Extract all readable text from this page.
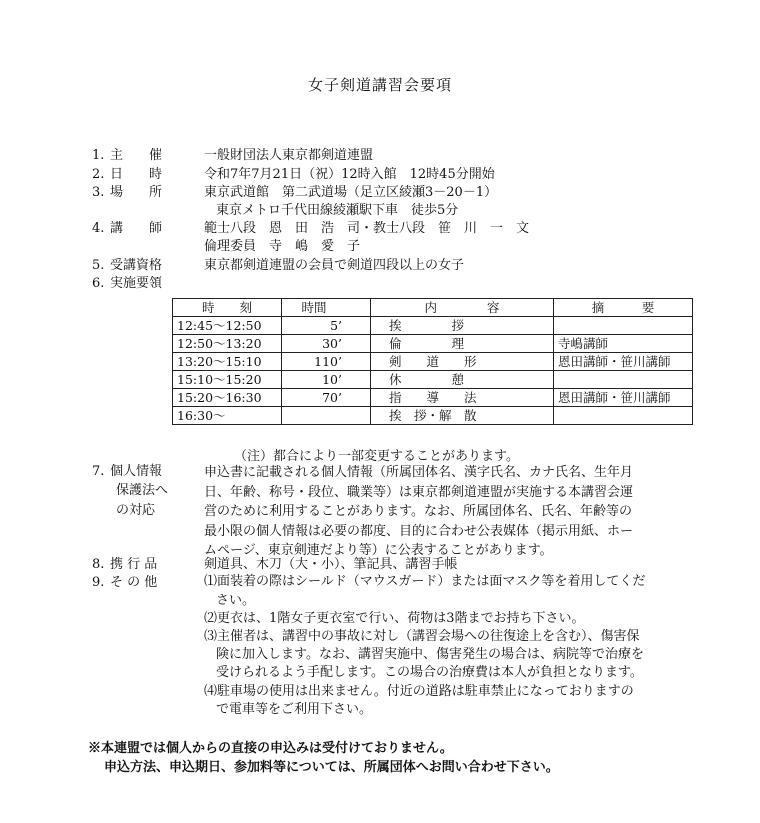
女子剣道講習会要項
1. 主　　催	一般財団法人東京都剣道連盟
2. 日　　時	令和7年7月21日（祝）12時入館　12時45分開始
3. 場　　所	東京武道館　第二武道場（足立区綾瀬3－20－1）
東京メトロ千代田線綾瀬駅下車　徒歩5分
4. 講　　師	範士八段　恩　田　浩　司・教士八段　笹　川　一　文
倫理委員　寺　嶋　愛　子
5. 受講資格	東京都剣道連盟の会員で剣道四段以上の女子
6. 実施要領
時　　刻	時間	内　　　　容	摘　　　要
12:45～12:50	5’	挨　　　　拶	
12:50～13:20	30’	倫　　　　理	寺嶋講師
13:20～15:10	110’	剣　　道　　形	恩田講師・笹川講師
15:10～15:20	10’	休　　　　憩	
15:20～16:30	70’	指　　導　　法	恩田講師・笹川講師
16:30～		挨　拶・解　散	
（注）都合により一部変更することがあります。
7. 個人情報
保護法へ
の対応
申込書に記載される個人情報（所属団体名、漢字氏名、カナ氏名、生年月
日、年齢、称号・段位、職業等）は東京都剣道連盟が実施する本講習会運
営のために利用することがあります。なお、所属団体名、氏名、年齢等の
最小限の個人情報は必要の都度、目的に合わせ公表媒体（掲示用紙、ホー
ムページ、東京剣連だより等）に公表することがあります。
8. 携 行 品	剣道具、木刀（大・小）、筆記具、講習手帳
9. そ の 他	⑴面装着の際はシールド（マウスガード）または面マスク等を着用してくだ
さい。
⑵更衣は、1階女子更衣室で行い、荷物は3階までお持ち下さい。
⑶主催者は、講習中の事故に対し（講習会場への往復途上を含む）、傷害保
険に加入します。なお、講習実施中、傷害発生の場合は、病院等で治療を
受けられるよう手配します。この場合の治療費は本人が負担となります。
⑷駐車場の使用は出来ません。付近の道路は駐車禁止になっておりますの
で電車等をご利用下さい。
※本連盟では個人からの直接の申込みは受付けておりません。
申込方法、申込期日、参加料等については、所属団体へお問い合わせ下さい。
